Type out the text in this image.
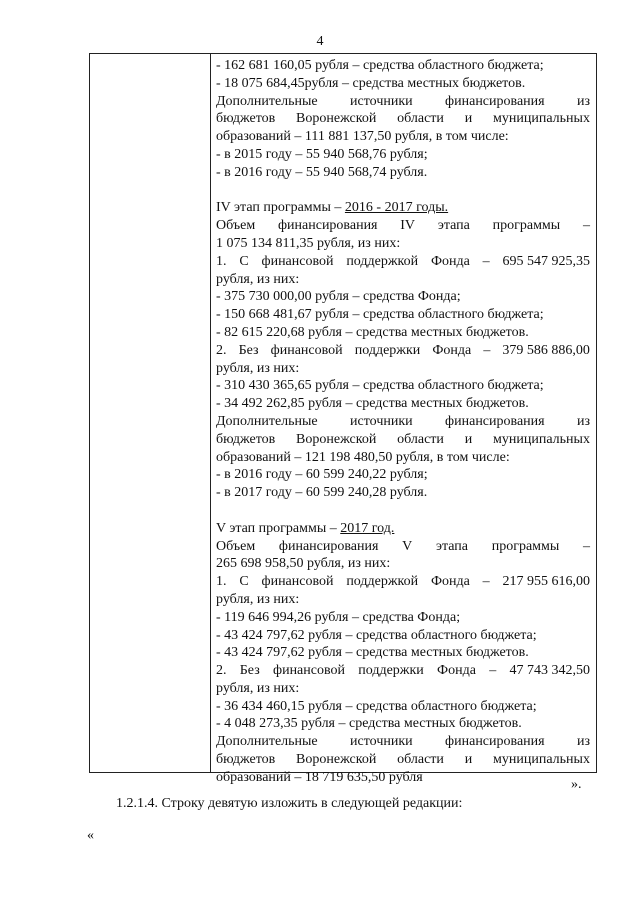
4
- 162 681 160,05 рубля – средства областного бюджета;
- 18 075 684,45рубля – средства местных бюджетов.
Дополнительные источники финансирования из
бюджетов Воронежской области и муниципальных
образований – 111 881 137,50 рубля, в том числе:
- в 2015 году – 55 940 568,76 рубля;
- в 2016 году – 55 940 568,74 рубля.
IV этап программы – 2016 - 2017 годы.
Объем финансирования IV этапа программы –
1 075 134 811,35 рубля, из них:
1. С финансовой поддержкой Фонда – 695 547 925,35
рубля, из них:
- 375 730 000,00 рубля – средства Фонда;
- 150 668 481,67 рубля – средства областного бюджета;
- 82 615 220,68 рубля – средства местных бюджетов.
2. Без финансовой поддержки Фонда – 379 586 886,00
рубля, из них:
- 310 430 365,65 рубля – средства областного бюджета;
- 34 492 262,85 рубля – средства местных бюджетов.
Дополнительные источники финансирования из
бюджетов Воронежской области и муниципальных
образований – 121 198 480,50 рубля, в том числе:
- в 2016 году – 60 599 240,22 рубля;
- в 2017 году – 60 599 240,28 рубля.
V этап программы – 2017 год.
Объем финансирования V этапа программы –
265 698 958,50 рубля, из них:
1. С финансовой поддержкой Фонда – 217 955 616,00
рубля, из них:
- 119 646 994,26 рубля – средства Фонда;
- 43 424 797,62 рубля – средства областного бюджета;
- 43 424 797,62 рубля – средства местных бюджетов.
2. Без финансовой поддержки Фонда – 47 743 342,50
рубля, из них:
- 36 434 460,15 рубля – средства областного бюджета;
- 4 048 273,35 рубля – средства местных бюджетов.
Дополнительные источники финансирования из
бюджетов Воронежской области и муниципальных
образований – 18 719 635,50 рубля	».
1.2.1.4. Строку девятую изложить в следующей редакции:
«
